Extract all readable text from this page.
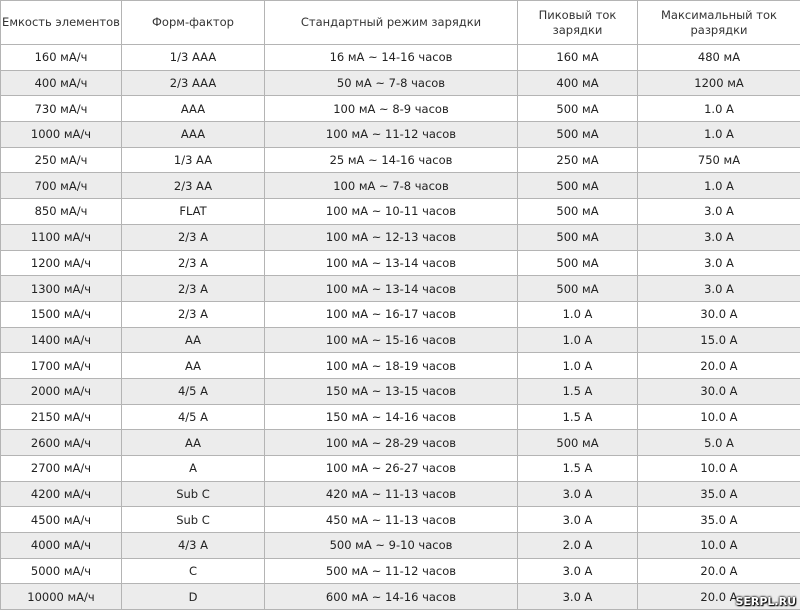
Емкость элементов	Форм-фактор	Стандартный режим зарядки	Пиковый ток зарядки	Максимальный ток разрядки
160 мА/ч	1/3 AAA	16 мА ~ 14-16 часов	160 мА	480 мА
400 мА/ч	2/3 AAA	50 мА ~ 7-8 часов	400 мА	1200 мА
730 мА/ч	AAA	100 мА ~ 8-9 часов	500 мА	1.0 А
1000 мА/ч	AAA	100 мА ~ 11-12 часов	500 мА	1.0 А
250 мА/ч	1/3 AA	25 мА ~ 14-16 часов	250 мА	750 мА
700 мА/ч	2/3 AA	100 мА ~ 7-8 часов	500 мА	1.0 А
850 мА/ч	FLAT	100 мА ~ 10-11 часов	500 мА	3.0 А
1100 мА/ч	2/3 A	100 мА ~ 12-13 часов	500 мА	3.0 А
1200 мА/ч	2/3 A	100 мА ~ 13-14 часов	500 мА	3.0 А
1300 мА/ч	2/3 A	100 мА ~ 13-14 часов	500 мА	3.0 А
1500 мА/ч	2/3 A	100 мА ~ 16-17 часов	1.0 А	30.0 А
1400 мА/ч	AA	100 мА ~ 15-16 часов	1.0 А	15.0 А
1700 мА/ч	AA	100 мА ~ 18-19 часов	1.0 А	20.0 А
2000 мА/ч	4/5 A	150 мА ~ 13-15 часов	1.5 А	30.0 А
2150 мА/ч	4/5 A	150 мА ~ 14-16 часов	1.5 А	10.0 А
2600 мА/ч	AA	100 мА ~ 28-29 часов	500 мА	5.0 А
2700 мА/ч	A	100 мА ~ 26-27 часов	1.5 А	10.0 А
4200 мА/ч	Sub C	420 мА ~ 11-13 часов	3.0 А	35.0 А
4500 мА/ч	Sub C	450 мА ~ 11-13 часов	3.0 А	35.0 А
4000 мА/ч	4/3 A	500 мА ~ 9-10 часов	2.0 А	10.0 А
5000 мА/ч	C	500 мА ~ 11-12 часов	3.0 А	20.0 А
10000 мА/ч	D	600 мА ~ 14-16 часов	3.0 А	20.0 А
SERPL.RU
